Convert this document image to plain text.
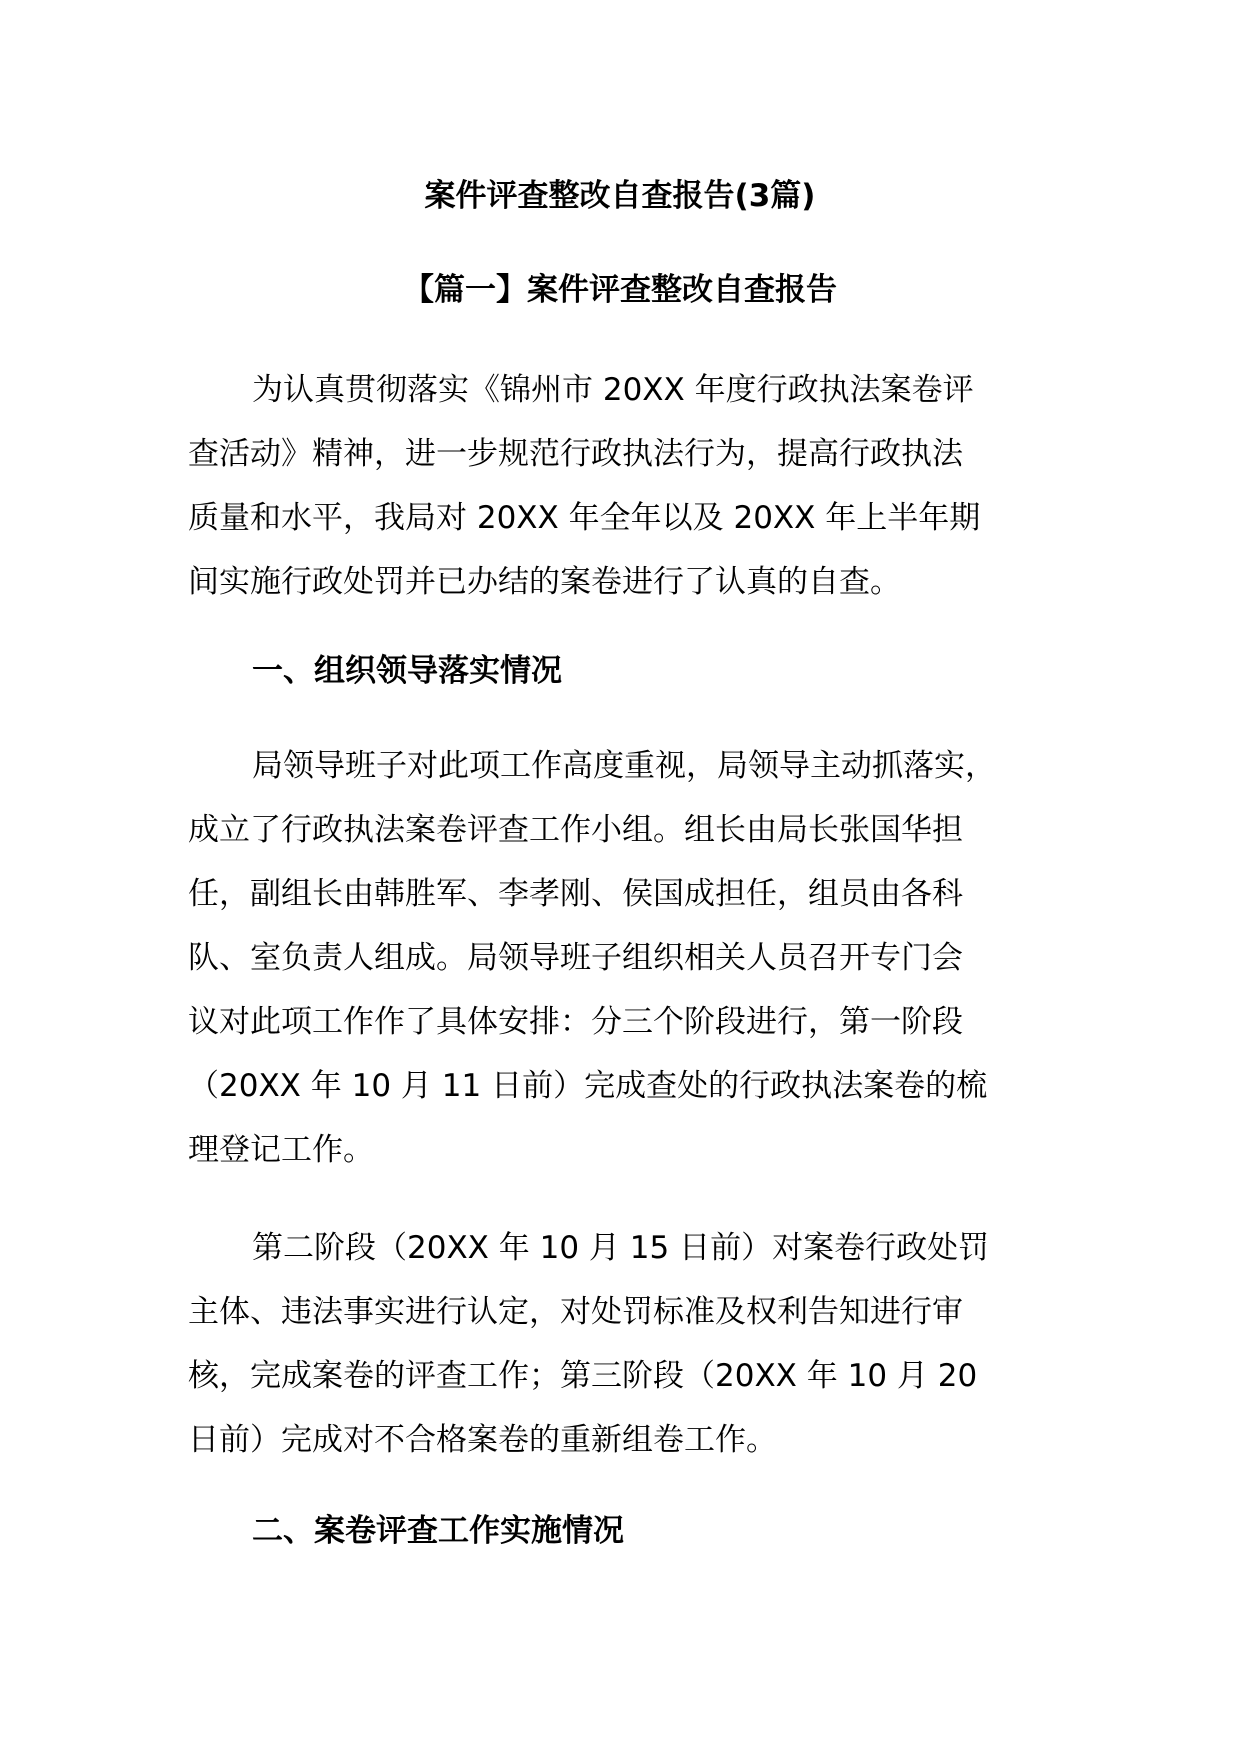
案件评查整改自查报告(3篇)
【篇一】案件评查整改自查报告
为认真贯彻落实《锦州市 20XX 年度行政执法案卷评
查活动》精神，进一步规范行政执法行为，提高行政执法
质量和水平，我局对 20XX 年全年以及 20XX 年上半年期
间实施行政处罚并已办结的案卷进行了认真的自查。
一、组织领导落实情况
局领导班子对此项工作高度重视，局领导主动抓落实，
成立了行政执法案卷评查工作小组。组长由局长张国华担
任，副组长由韩胜军、李孝刚、侯国成担任，组员由各科
队、室负责人组成。局领导班子组织相关人员召开专门会
议对此项工作作了具体安排：分三个阶段进行，第一阶段
（20XX 年 10 月 11 日前）完成查处的行政执法案卷的梳
理登记工作。
第二阶段（20XX 年 10 月 15 日前）对案卷行政处罚
主体、违法事实进行认定，对处罚标准及权利告知进行审
核，完成案卷的评查工作；第三阶段（20XX 年 10 月 20
日前）完成对不合格案卷的重新组卷工作。
二、案卷评查工作实施情况
